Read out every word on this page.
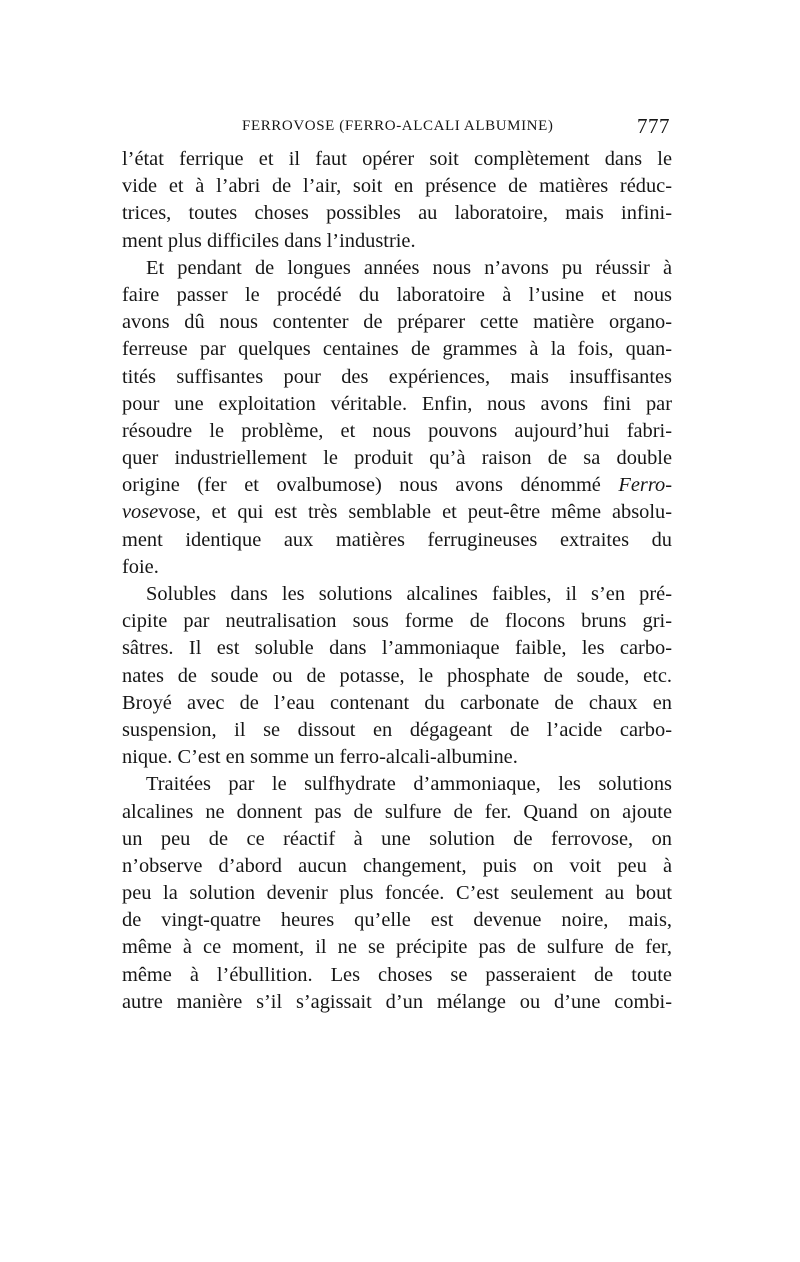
FERROVOSE (FERRO-ALCALI ALBUMINE)	777
l’état ferrique et il faut opérer soit complètement dans le
vide et à l’abri de l’air, soit en présence de matières réduc-
trices, toutes choses possibles au laboratoire, mais infini-
ment plus difficiles dans l’industrie.
Et pendant de longues années nous n’avons pu réussir à
faire passer le procédé du laboratoire à l’usine et nous
avons dû nous contenter de préparer cette matière organo-
ferreuse par quelques centaines de grammes à la fois, quan-
tités suffisantes pour des expériences, mais insuffisantes
pour une exploitation véritable. Enfin, nous avons fini par
résoudre le problème, et nous pouvons aujourd’hui fabri-
quer industriellement le produit qu’à raison de sa double
origine (fer et ovalbumose) nous avons dénommé Ferro-
vosevose, et qui est très semblable et peut-être même absolu-
ment identique aux matières ferrugineuses extraites du
foie.
Solubles dans les solutions alcalines faibles, il s’en pré-
cipite par neutralisation sous forme de flocons bruns gri-
sâtres. Il est soluble dans l’ammoniaque faible, les carbo-
nates de soude ou de potasse, le phosphate de soude, etc.
Broyé avec de l’eau contenant du carbonate de chaux en
suspension, il se dissout en dégageant de l’acide carbo-
nique. C’est en somme un ferro-alcali-albumine.
Traitées par le sulfhydrate d’ammoniaque, les solutions
alcalines ne donnent pas de sulfure de fer. Quand on ajoute
un peu de ce réactif à une solution de ferrovose, on
n’observe d’abord aucun changement, puis on voit peu à
peu la solution devenir plus foncée. C’est seulement au bout
de vingt-quatre heures qu’elle est devenue noire, mais,
même à ce moment, il ne se précipite pas de sulfure de fer,
même à l’ébullition. Les choses se passeraient de toute
autre manière s’il s’agissait d’un mélange ou d’une combi-
